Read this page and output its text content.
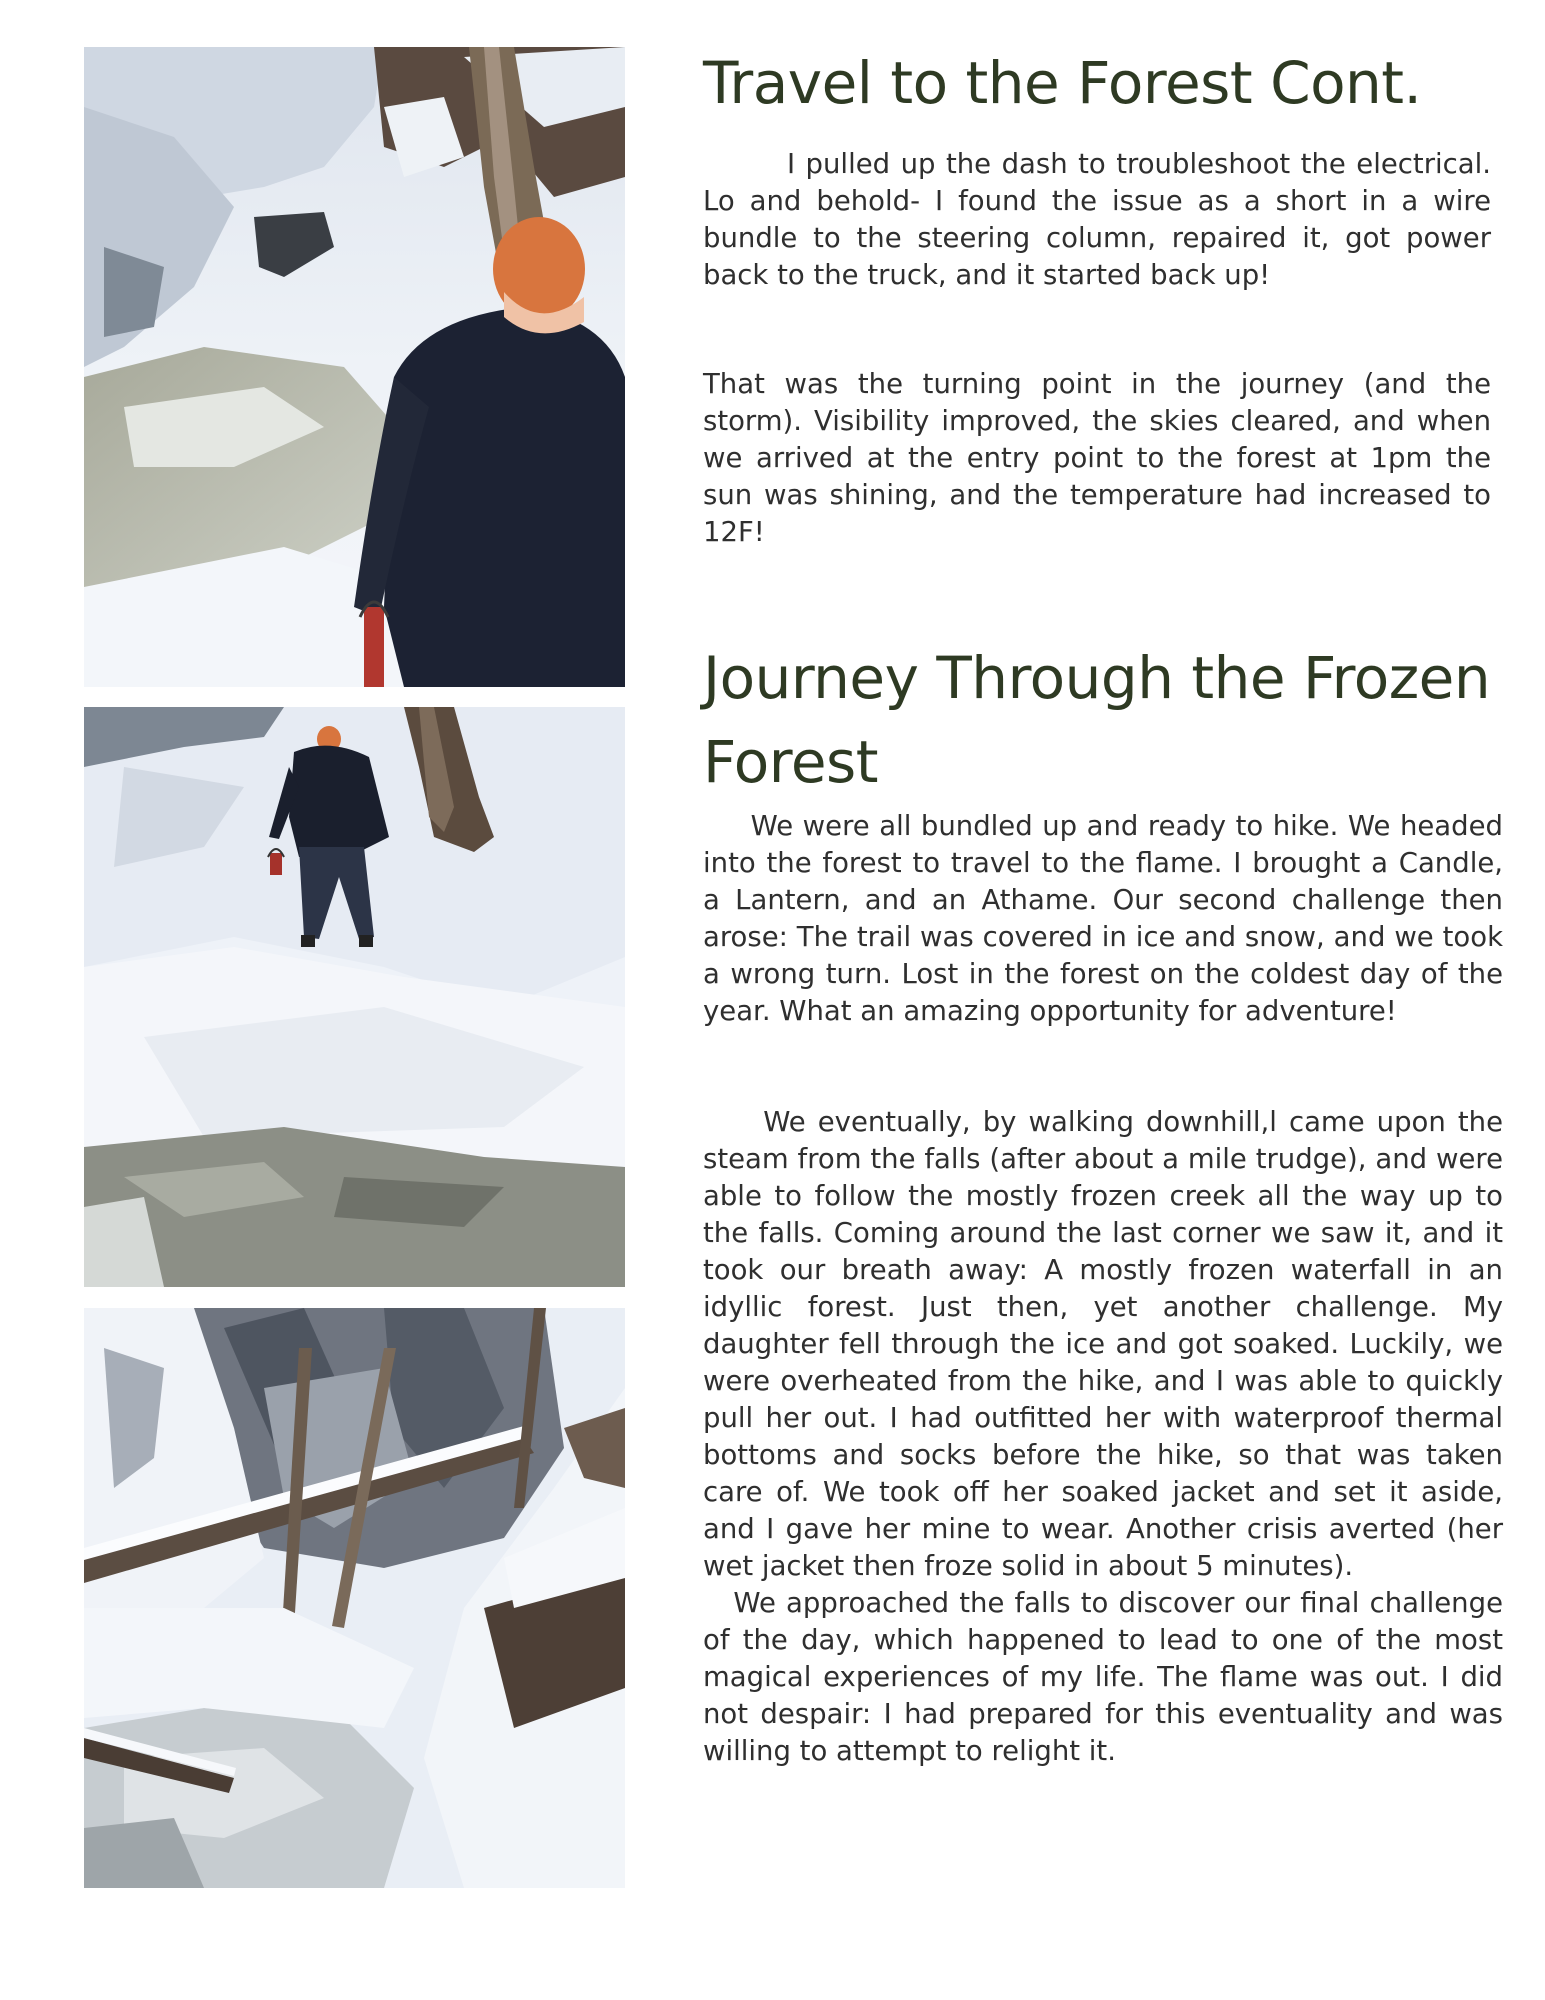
Travel to the Forest Cont.

I pulled up the dash to troubleshoot the electrical. Lo and behold- I found the issue as a short in a wire bundle to the steering column, repaired it, got power back to the truck, and it started back up!

That was the turning point in the journey (and the storm). Visibility improved, the skies cleared, and when we arrived at the entry point to the forest at 1pm the sun was shining, and the temperature had increased to 12F!

Journey Through the Frozen Forest

We were all bundled up and ready to hike. We headed into the forest to travel to the flame. I brought a Candle, a Lantern, and an Athame. Our second challenge then arose: The trail was covered in ice and snow, and we took a wrong turn. Lost in the forest on the coldest day of the year. What an amazing opportunity for adventure!

We eventually, by walking downhill,l came upon the steam from the falls (after about a mile trudge), and were able to follow the mostly frozen creek all the way up to the falls. Coming around the last corner we saw it, and it took our breath away: A mostly frozen waterfall in an idyllic forest. Just then, yet another challenge. My daughter fell through the ice and got soaked. Luckily, we were overheated from the hike, and I was able to quickly pull her out. I had outfitted her with waterproof thermal bottoms and socks before the hike, so that was taken care of. We took off her soaked jacket and set it aside, and I gave her mine to wear. Another crisis averted (her wet jacket then froze solid in about 5 minutes).
We approached the falls to discover our final challenge of the day, which happened to lead to one of the most magical experiences of my life. The flame was out. I did not despair: I had prepared for this eventuality and was willing to attempt to relight it.
